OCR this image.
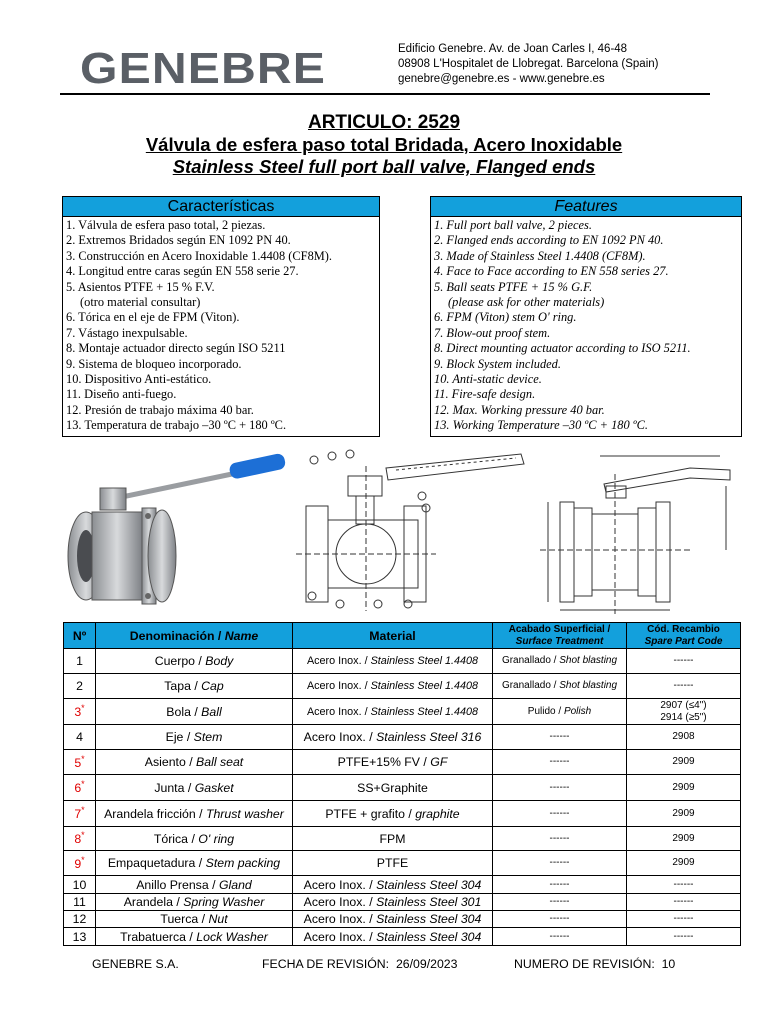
GENEBRE	Edificio Genebre. Av. de Joan Carles I, 46-48
08908 L'Hospitalet de Llobregat. Barcelona (Spain)
genebre@genebre.es - www.genebre.es
ARTICULO: 2529
Válvula de esfera paso total Bridada, Acero Inoxidable
Stainless Steel full port ball valve, Flanged ends
Características
1. Válvula de esfera paso total, 2 piezas.
2. Extremos Bridados según EN 1092 PN 40.
3. Construcción en Acero Inoxidable 1.4408 (CF8M).
4. Longitud entre caras según EN 558 serie 27.
5. Asientos PTFE + 15 % F.V.
(otro material consultar)
6. Tórica en el eje de FPM (Viton).
7. Vástago inexpulsable.
8. Montaje actuador directo según ISO 5211
9. Sistema de bloqueo incorporado.
10. Dispositivo Anti-estático.
11. Diseño anti-fuego.
12. Presión de trabajo máxima 40 bar.
13. Temperatura de trabajo –30 ºC + 180 ºC.
Features
1. Full port ball valve, 2 pieces.
2. Flanged ends according to EN 1092 PN 40.
3. Made of Stainless Steel 1.4408 (CF8M).
4. Face to Face according to EN 558 series 27.
5. Ball seats PTFE + 15 % G.F.
(please ask for other materials)
6. FPM (Viton) stem O' ring.
7. Blow-out proof stem.
8. Direct mounting actuator according to ISO 5211.
9. Block System included.
10. Anti-static device.
11. Fire-safe design.
12. Max. Working pressure 40 bar.
13. Working Temperature –30 ºC + 180 ºC.
Nº	Denominación / Name	Material	Acabado Superficial /
Surface Treatment	Cód. Recambio
Spare Part Code
1	Cuerpo / Body	Acero Inox. / Stainless Steel 1.4408	Granallado / Shot blasting	------
2	Tapa / Cap	Acero Inox. / Stainless Steel 1.4408	Granallado / Shot blasting	------
3*	Bola / Ball	Acero Inox. / Stainless Steel 1.4408	Pulido / Polish	2907 (≤4")
2914 (≥5")

4	Eje / Stem	Acero Inox. / Stainless Steel 316	------	2908
5*	Asiento / Ball seat	PTFE+15% FV / GF	------	2909
6*	Junta / Gasket	SS+Graphite	------	2909
7*	Arandela fricción / Thrust washer	PTFE + grafito / graphite	------	2909
8*	Tórica / O' ring	FPM	------	2909
9*	Empaquetadura / Stem packing	PTFE	------	2909
10	Anillo Prensa / Gland	Acero Inox. / Stainless Steel 304	------	------
11	Arandela / Spring Washer	Acero Inox. / Stainless Steel 301	------	------
12	Tuerca / Nut	Acero Inox. / Stainless Steel 304	------	------
13	Trabatuerca / Lock Washer	Acero Inox. / Stainless Steel 304	------	------
GENEBRE S.A.	FECHA DE REVISIÓN: 26/09/2023	NUMERO DE REVISIÓN: 10
